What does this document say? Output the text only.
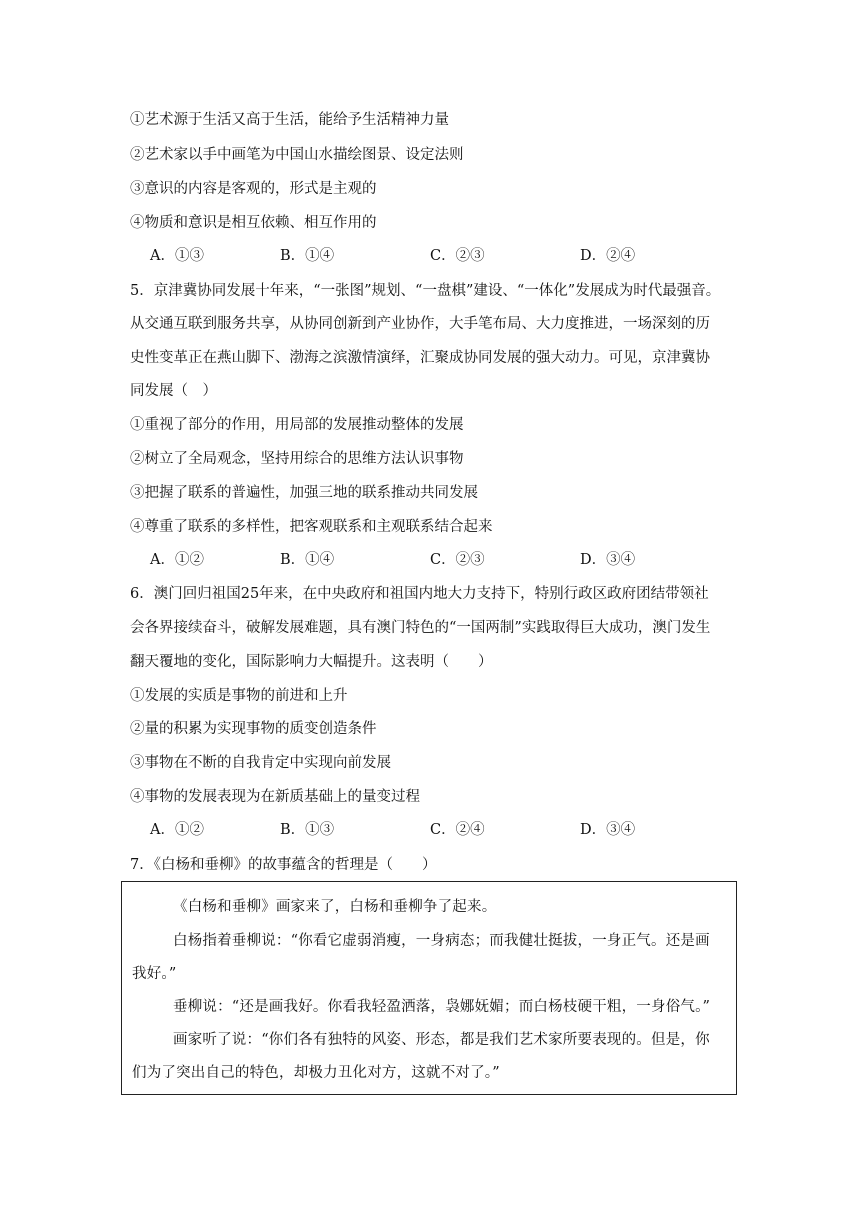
①艺术源于生活又高于生活，能给予生活精神力量
②艺术家以手中画笔为中国山水描绘图景、设定法则
③意识的内容是客观的，形式是主观的
④物质和意识是相互依赖、相互作用的
A．①③	B．①④	C．②③	D．②④
5．京津冀协同发展十年来，“一张图”规划、“一盘棋”建设、“一体化”发展成为时代最强音。
从交通互联到服务共享，从协同创新到产业协作，大手笔布局、大力度推进，一场深刻的历
史性变革正在燕山脚下、渤海之滨激情演绎，汇聚成协同发展的强大动力。可见，京津冀协
同发展（　）
①重视了部分的作用，用局部的发展推动整体的发展
②树立了全局观念，坚持用综合的思维方法认识事物
③把握了联系的普遍性，加强三地的联系推动共同发展
④尊重了联系的多样性，把客观联系和主观联系结合起来
A．①②	B．①④	C．②③	D．③④
6．澳门回归祖国25年来，在中央政府和祖国内地大力支持下，特别行政区政府团结带领社
会各界接续奋斗，破解发展难题，具有澳门特色的“一国两制”实践取得巨大成功，澳门发生
翻天覆地的变化，国际影响力大幅提升。这表明（　　）
①发展的实质是事物的前进和上升
②量的积累为实现事物的质变创造条件
③事物在不断的自我肯定中实现向前发展
④事物的发展表现为在新质基础上的量变过程
A．①②	B．①③	C．②④	D．③④
7．《白杨和垂柳》的故事蕴含的哲理是（　　）
《白杨和垂柳》画家来了，白杨和垂柳争了起来。
白杨指着垂柳说：“你看它虚弱消瘦，一身病态；而我健壮挺拔，一身正气。还是画
我好。”
垂柳说：“还是画我好。你看我轻盈洒落，袅娜妩媚；而白杨枝硬干粗，一身俗气。”
画家听了说：“你们各有独特的风姿、形态，都是我们艺术家所要表现的。但是，你
们为了突出自己的特色，却极力丑化对方，这就不对了。”
